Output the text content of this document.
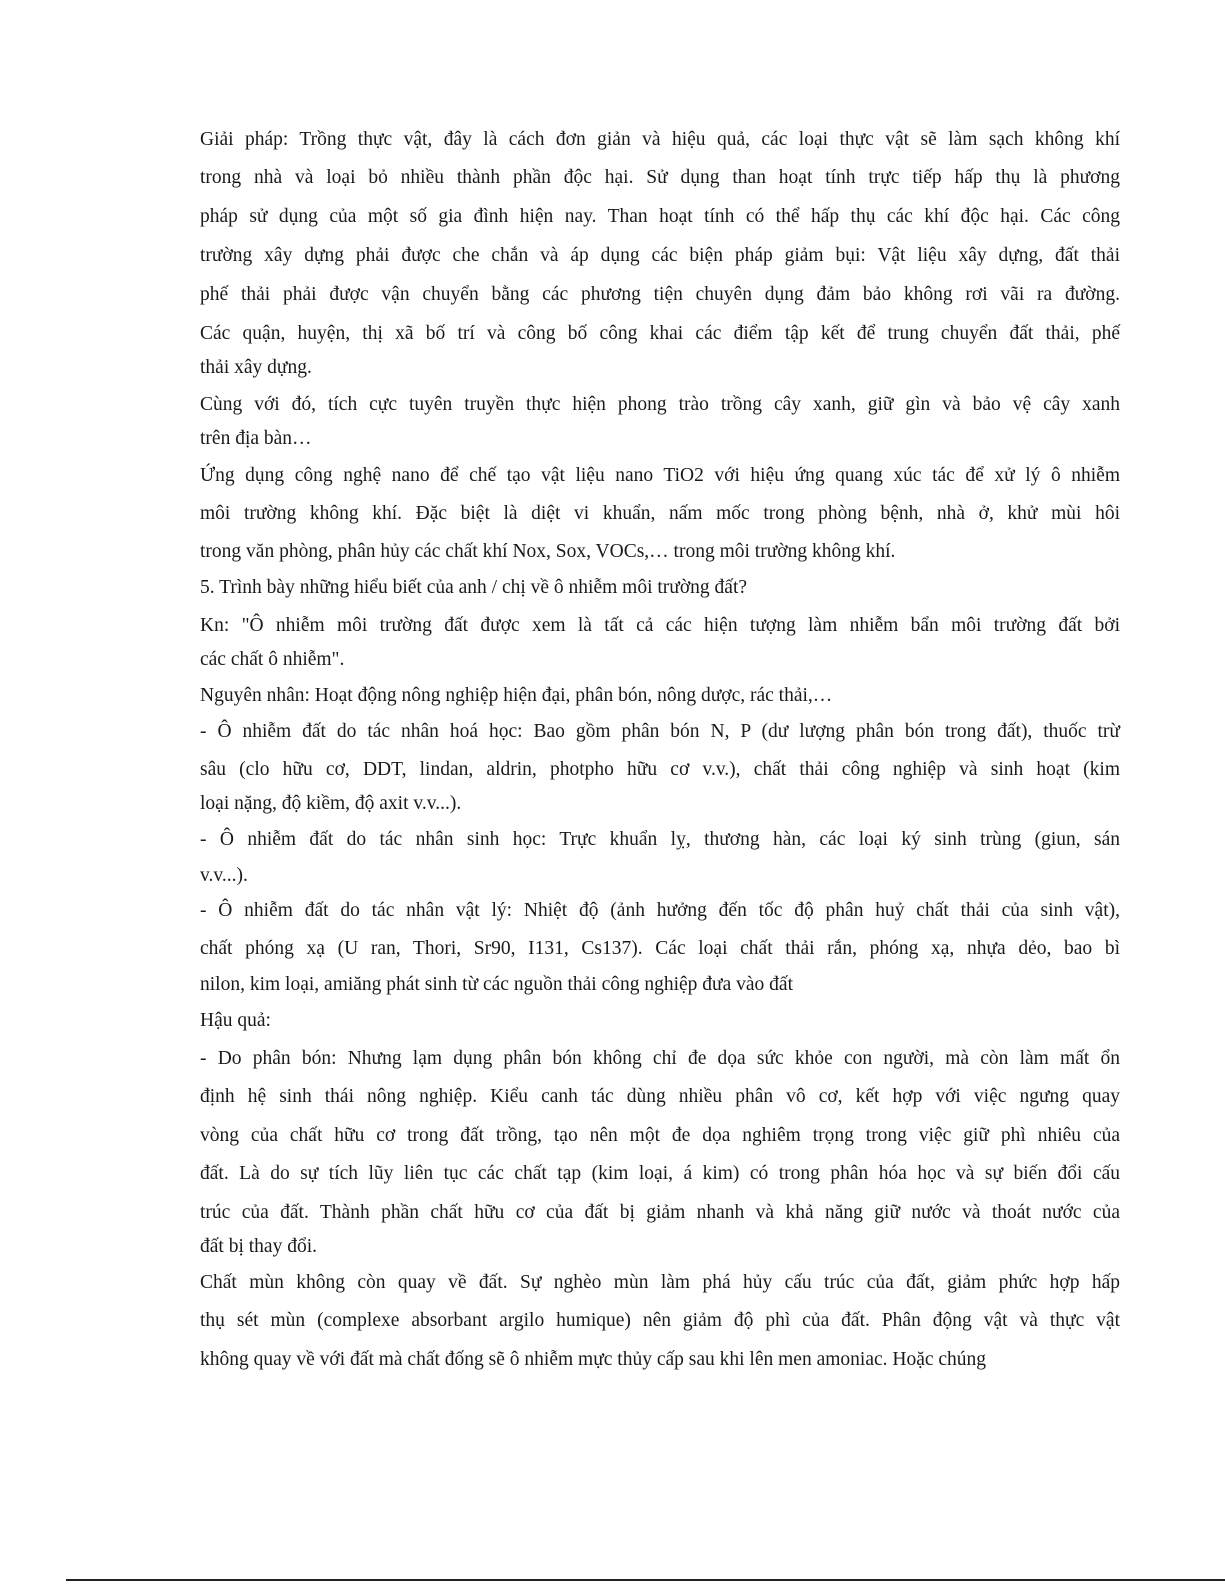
Giải pháp: Trồng thực vật, đây là cách đơn giản và hiệu quả, các loại thực vật sẽ làm sạch không khí
trong nhà và loại bỏ nhiều thành phần độc hại. Sử dụng than hoạt tính trực tiếp hấp thụ là phương
pháp sử dụng của một số gia đình hiện nay. Than hoạt tính có thể hấp thụ các khí độc hại. Các công
trường xây dựng phải được che chắn và áp dụng các biện pháp giảm bụi: Vật liệu xây dựng, đất thải
phế thải phải được vận chuyển bằng các phương tiện chuyên dụng đảm bảo không rơi vãi ra đường.
Các quận, huyện, thị xã bố trí và công bố công khai các điểm tập kết để trung chuyển đất thải, phế
thải xây dựng.
Cùng với đó, tích cực tuyên truyền thực hiện phong trào trồng cây xanh, giữ gìn và bảo vệ cây xanh
trên địa bàn…
Ứng dụng công nghệ nano để chế tạo vật liệu nano TiO2 với hiệu ứng quang xúc tác để xử lý ô nhiễm
môi trường không khí. Đặc biệt là diệt vi khuẩn, nấm mốc trong phòng bệnh, nhà ở, khử mùi hôi
trong văn phòng, phân hủy các chất khí Nox, Sox, VOCs,… trong môi trường không khí.
5. Trình bày những hiểu biết của anh / chị về ô nhiễm môi trường đất?
Kn: "Ô nhiễm môi trường đất được xem là tất cả các hiện tượng làm nhiễm bẩn môi trường đất bởi
các chất ô nhiễm".
Nguyên nhân: Hoạt động nông nghiệp hiện đại, phân bón, nông dược, rác thải,…
- Ô nhiễm đất do tác nhân hoá học: Bao gồm phân bón N, P (dư lượng phân bón trong đất), thuốc trừ
sâu (clo hữu cơ, DDT, lindan, aldrin, photpho hữu cơ v.v.), chất thải công nghiệp và sinh hoạt (kim
loại nặng, độ kiềm, độ axit v.v...).
- Ô nhiễm đất do tác nhân sinh học: Trực khuẩn lỵ, thương hàn, các loại ký sinh trùng (giun, sán
v.v...).
- Ô nhiễm đất do tác nhân vật lý: Nhiệt độ (ảnh hưởng đến tốc độ phân huỷ chất thải của sinh vật),
chất phóng xạ (U ran, Thori, Sr90, I131, Cs137). Các loại chất thải rắn, phóng xạ, nhựa dẻo, bao bì
nilon, kim loại, amiăng phát sinh từ các nguồn thải công nghiệp đưa vào đất
Hậu quả:
- Do phân bón: Nhưng lạm dụng phân bón không chỉ đe dọa sức khỏe con người, mà còn làm mất ổn
định hệ sinh thái nông nghiệp. Kiểu canh tác dùng nhiều phân vô cơ, kết hợp với việc ngưng quay
vòng của chất hữu cơ trong đất trồng, tạo nên một đe dọa nghiêm trọng trong việc giữ phì nhiêu của
đất. Là do sự tích lũy liên tục các chất tạp (kim loại, á kim) có trong phân hóa học và sự biến đổi cấu
trúc của đất. Thành phần chất hữu cơ của đất bị giảm nhanh và khả năng giữ nước và thoát nước của
đất bị thay đổi.
Chất mùn không còn quay về đất. Sự nghèo mùn làm phá hủy cấu trúc của đất, giảm phức hợp hấp
thụ sét mùn (complexe absorbant argilo humique) nên giảm độ phì của đất. Phân động vật và thực vật
không quay về với đất mà chất đống sẽ ô nhiễm mực thủy cấp sau khi lên men amoniac. Hoặc chúng
